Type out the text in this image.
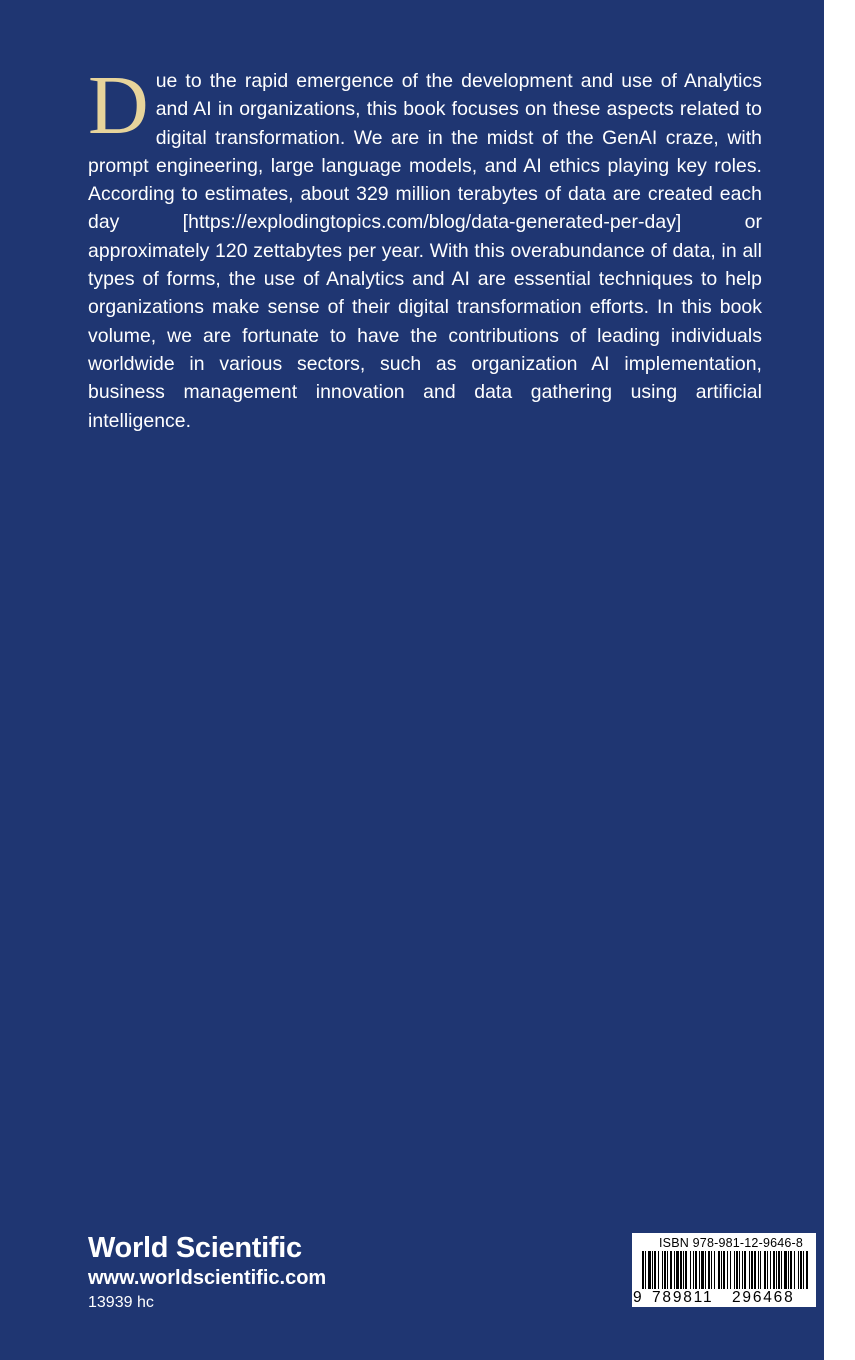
Due to the rapid emergence of the development and use of Analytics and AI in organizations, this book focuses on these aspects related to digital transformation. We are in the midst of the GenAI craze, with prompt engineering, large language models, and AI ethics playing key roles. According to estimates, about 329 million terabytes of data are created each day [https://explodingtopics.com/blog/data-generated-per-day] or approximately 120 zettabytes per year. With this overabundance of data, in all types of forms, the use of Analytics and AI are essential techniques to help organizations make sense of their digital transformation efforts. In this book volume, we are fortunate to have the contributions of leading individuals worldwide in various sectors, such as organization AI implementation, business management innovation and data gathering using artificial intelligence.
World Scientific
www.worldscientific.com
13939 hc
ISBN 978-981-12-9646-8
9 789811 296468
